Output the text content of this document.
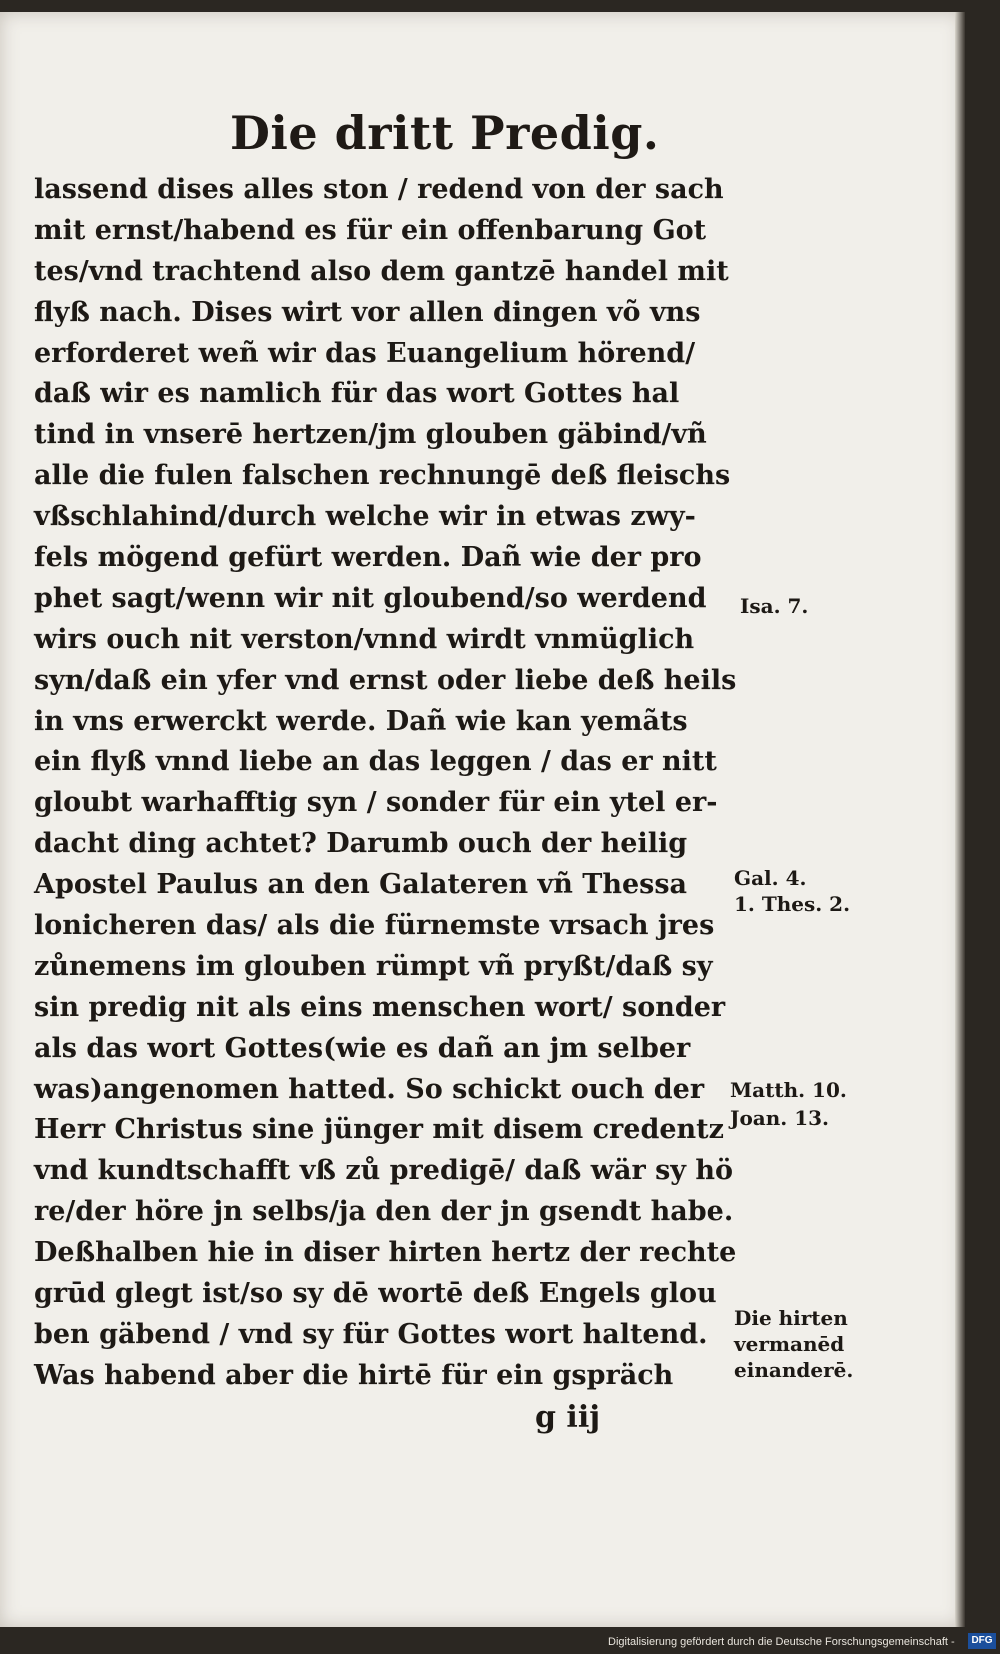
Die dritt Predig.
lassend dises alles ston / redend von der sach
mit ernst/habend es für ein offenbarung Got
tes/vnd trachtend also dem gantzē handel mit
flyß nach. Dises wirt vor allen dingen võ vns
erforderet weñ wir das Euangelium hörend/
daß wir es namlich für das wort Gottes hal
tind in vnserē hertzen/jm glouben gäbind/vñ
alle die fulen falschen rechnungē deß fleischs
vßschlahind/durch welche wir in etwas zwy-
fels mögend gefürt werden. Dañ wie der pro
phet sagt/wenn wir nit gloubend/so werdend
wirs ouch nit verston/vnnd wirdt vnmüglich
syn/daß ein yfer vnd ernst oder liebe deß heils
in vns erwerckt werde. Dañ wie kan yemãts
ein flyß vnnd liebe an das leggen / das er nitt
gloubt warhafftig syn / sonder für ein ytel er-
dacht ding achtet? Darumb ouch der heilig
Apostel Paulus an den Galateren vñ Thessa
lonicheren das/ als die fürnemste vrsach jres
zůnemens im glouben rümpt vñ pryßt/daß sy
sin predig nit als eins menschen wort/ sonder
als das wort Gottes(wie es dañ an jm selber
was)angenomen hatted. So schickt ouch der
Herr Christus sine jünger mit disem credentz
vnd kundtschafft vß zů predigē/ daß wär sy hö
re/der höre jn selbs/ja den der jn gsendt habe.
Deßhalben hie in diser hirten hertz der rechte
grūd glegt ist/so sy dē wortē deß Engels glou
ben gäbend / vnd sy für Gottes wort haltend.
Was habend aber die hirtē für ein gspräch
Isa. 7.
Gal. 4.
1. Thes. 2.
Matth. 10.
Joan. 13.
Die hirten
vermanēd
einanderē.
g iij
Digitalisierung gefördert durch die Deutsche Forschungsgemeinschaft -	DFG
